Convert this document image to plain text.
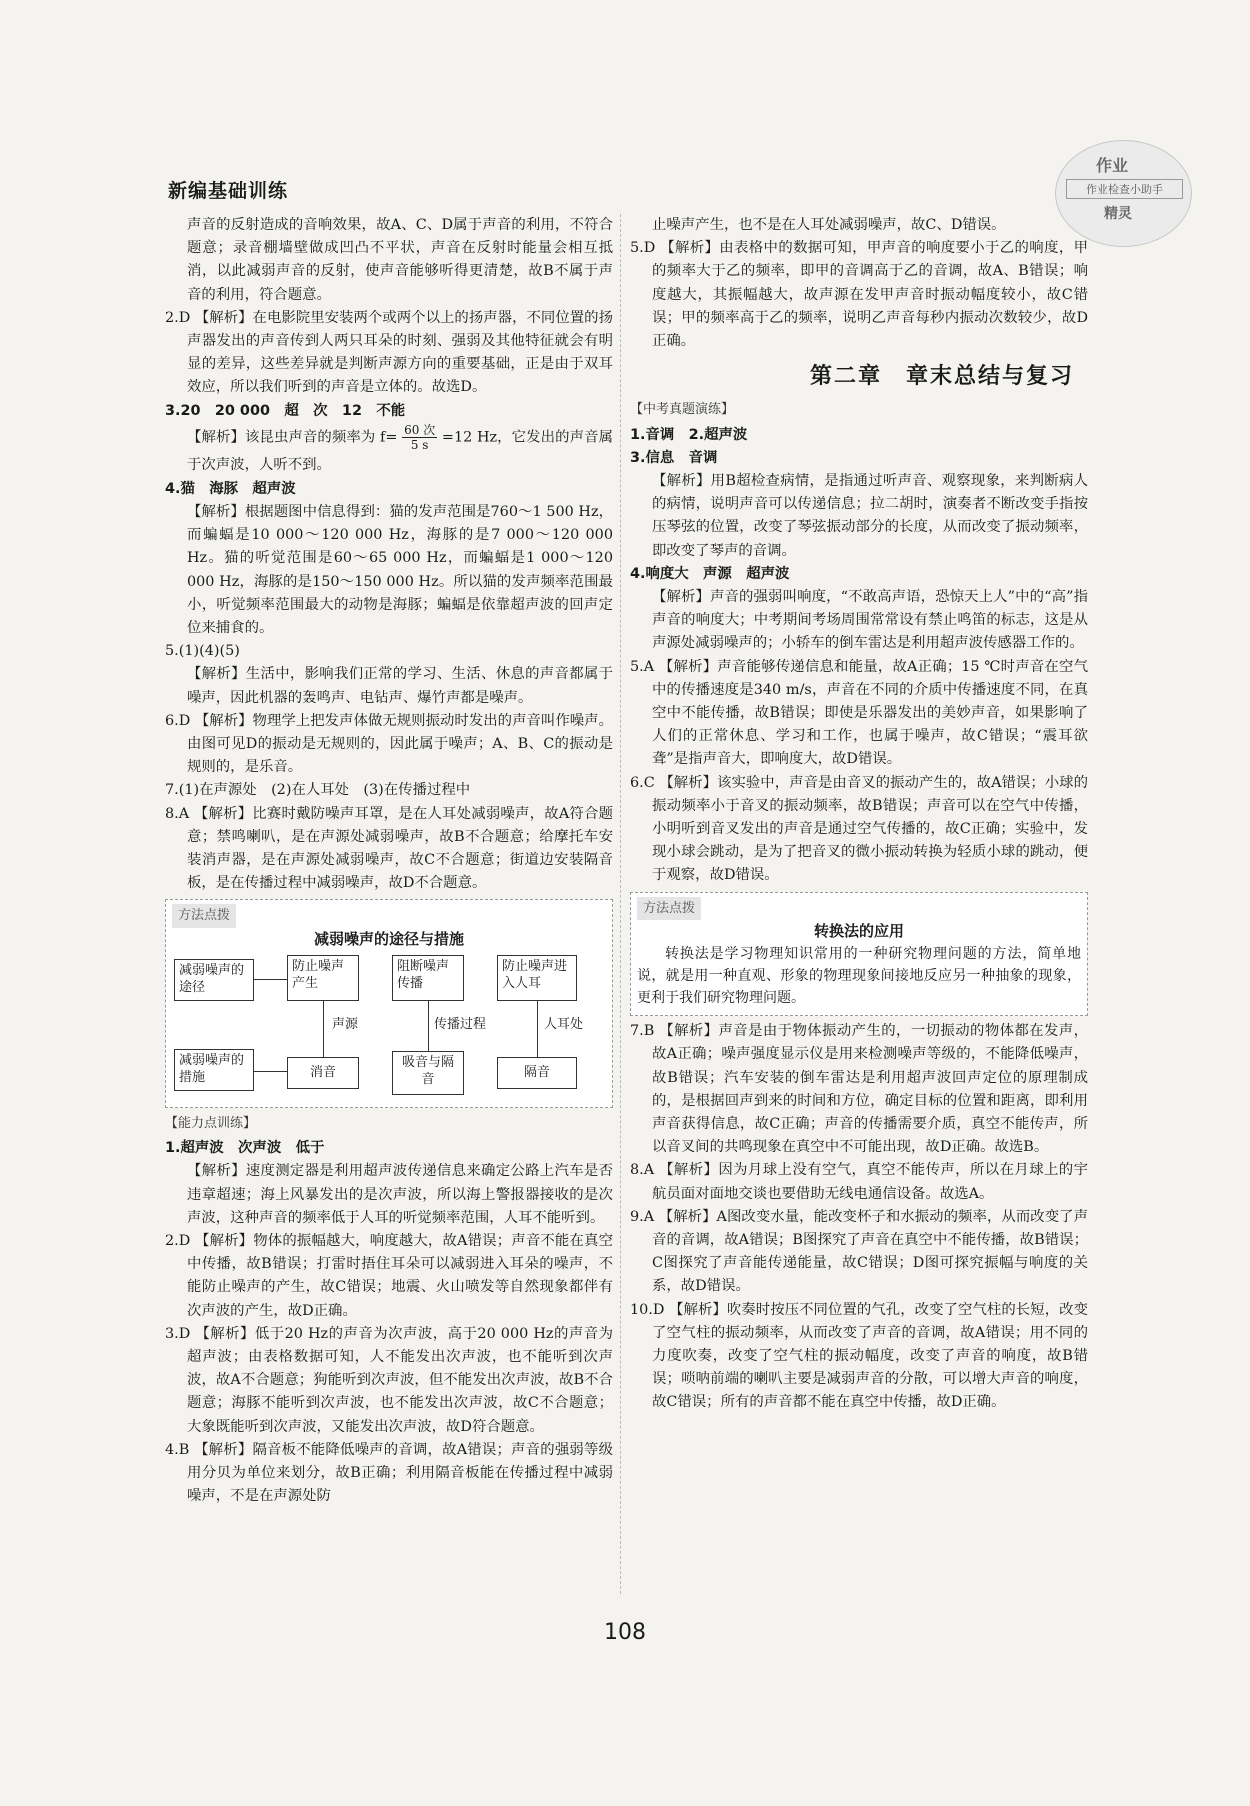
新编基础训练
作业
作业检查小助手
精灵

声音的反射造成的音响效果，故A、C、D属于声音的利用，不符合题意；录音棚墙壁做成凹凸不平状，声音在反射时能量会相互抵消，以此减弱声音的反射，使声音能够听得更清楚，故B不属于声音的利用，符合题意。

2.D 【解析】在电影院里安装两个或两个以上的扬声器，不同位置的扬声器发出的声音传到人两只耳朵的时刻、强弱及其他特征就会有明显的差异，这些差异就是判断声源方向的重要基础，正是由于双耳效应，所以我们听到的声音是立体的。故选D。

3.20　20 000　超　次　12　不能

【解析】该昆虫声音的频率为 $f= \frac{\text{60 次}}{5 s} =12$ Hz，它发出的声音属于次声波，人听不到。

4.猫　海豚　超声波

【解析】根据题图中信息得到：猫的发声范围是760～1 500 Hz，而蝙蝠是10 000～120 000 Hz，海豚的是7 000～120 000 Hz。猫的听觉范围是60～65 000 Hz，而蝙蝠是1 000～120 000 Hz，海豚的是150～150 000 Hz。所以猫的发声频率范围最小，听觉频率范围最大的动物是海豚；蝙蝠是依靠超声波的回声定位来捕食的。

5.(1)(4)(5)

【解析】生活中，影响我们正常的学习、生活、休息的声音都属于噪声，因此机器的轰鸣声、电钻声、爆竹声都是噪声。

6.D 【解析】物理学上把发声体做无规则振动时发出的声音叫作噪声。由图可见D的振动是无规则的，因此属于噪声；A、B、C的振动是规则的，是乐音。

7.(1)在声源处　(2)在人耳处　(3)在传播过程中

8.A 【解析】比赛时戴防噪声耳罩，是在人耳处减弱噪声，故A符合题意；禁鸣喇叭，是在声源处减弱噪声，故B不合题意；给摩托车安装消声器，是在声源处减弱噪声，故C不合题意；街道边安装隔音板，是在传播过程中减弱噪声，故D不合题意。

方法点拨
减弱噪声的途径与措施
减弱噪声的途径
防止噪声产生
阻断噪声传播
防止噪声进入人耳
声源	传播过程	人耳处
减弱噪声的措施	消音
吸音与隔音	隔音

【能力点训练】

1.超声波　次声波　低于

【解析】速度测定器是利用超声波传递信息来确定公路上汽车是否违章超速；海上风暴发出的是次声波，所以海上警报器接收的是次声波，这种声音的频率低于人耳的听觉频率范围，人耳不能听到。

2.D 【解析】物体的振幅越大，响度越大，故A错误；声音不能在真空中传播，故B错误；打雷时捂住耳朵可以减弱进入耳朵的噪声，不能防止噪声的产生，故C错误；地震、火山喷发等自然现象都伴有次声波的产生，故D正确。

3.D 【解析】低于20 Hz的声音为次声波，高于20 000 Hz的声音为超声波；由表格数据可知，人不能发出次声波，也不能听到次声波，故A不合题意；狗能听到次声波，但不能发出次声波，故B不合题意；海豚不能听到次声波，也不能发出次声波，故C不合题意；大象既能听到次声波，又能发出次声波，故D符合题意。

4.B 【解析】隔音板不能降低噪声的音调，故A错误；声音的强弱等级用分贝为单位来划分，故B正确；利用隔音板能在传播过程中减弱噪声，不是在声源处防

止噪声产生，也不是在人耳处减弱噪声，故C、D错误。

5.D 【解析】由表格中的数据可知，甲声音的响度要小于乙的响度，甲的频率大于乙的频率，即甲的音调高于乙的音调，故A、B错误；响度越大，其振幅越大，故声源在发甲声音时振动幅度较小，故C错误；甲的频率高于乙的频率，说明乙声音每秒内振动次数较少，故D正确。

第二章　章末总结与复习

【中考真题演练】

1.音调　2.超声波

3.信息　音调

【解析】用B超检查病情，是指通过听声音、观察现象，来判断病人的病情，说明声音可以传递信息；拉二胡时，演奏者不断改变手指按压琴弦的位置，改变了琴弦振动部分的长度，从而改变了振动频率，即改变了琴声的音调。

4.响度大　声源　超声波

【解析】声音的强弱叫响度，“不敢高声语，恐惊天上人”中的“高”指声音的响度大；中考期间考场周围常常设有禁止鸣笛的标志，这是从声源处减弱噪声的；小轿车的倒车雷达是利用超声波传感器工作的。

5.A 【解析】声音能够传递信息和能量，故A正确；15 ℃时声音在空气中的传播速度是340 m/s，声音在不同的介质中传播速度不同，在真空中不能传播，故B错误；即使是乐器发出的美妙声音，如果影响了人们的正常休息、学习和工作，也属于噪声，故C错误；“震耳欲聋”是指声音大，即响度大，故D错误。

6.C 【解析】该实验中，声音是由音叉的振动产生的，故A错误；小球的振动频率小于音叉的振动频率，故B错误；声音可以在空气中传播，小明听到音叉发出的声音是通过空气传播的，故C正确；实验中，发现小球会跳动，是为了把音叉的微小振动转换为轻质小球的跳动，便于观察，故D错误。

方法点拨
转换法的应用

转换法是学习物理知识常用的一种研究物理问题的方法，简单地说，就是用一种直观、形象的物理现象间接地反应另一种抽象的现象，更利于我们研究物理问题。

7.B 【解析】声音是由于物体振动产生的，一切振动的物体都在发声，故A正确；噪声强度显示仪是用来检测噪声等级的，不能降低噪声，故B错误；汽车安装的倒车雷达是利用超声波回声定位的原理制成的，是根据回声到来的时间和方位，确定目标的位置和距离，即利用声音获得信息，故C正确；声音的传播需要介质，真空不能传声，所以音叉间的共鸣现象在真空中不可能出现，故D正确。故选B。

8.A 【解析】因为月球上没有空气，真空不能传声，所以在月球上的宇航员面对面地交谈也要借助无线电通信设备。故选A。

9.A 【解析】A图改变水量，能改变杯子和水振动的频率，从而改变了声音的音调，故A错误；B图探究了声音在真空中不能传播，故B错误；C图探究了声音能传递能量，故C错误；D图可探究振幅与响度的关系，故D错误。

10.D 【解析】吹奏时按压不同位置的气孔，改变了空气柱的长短，改变了空气柱的振动频率，从而改变了声音的音调，故A错误；用不同的力度吹奏，改变了空气柱的振动幅度，改变了声音的响度，故B错误；唢呐前端的喇叭主要是减弱声音的分散，可以增大声音的响度，故C错误；所有的声音都不能在真空中传播，故D正确。

108
